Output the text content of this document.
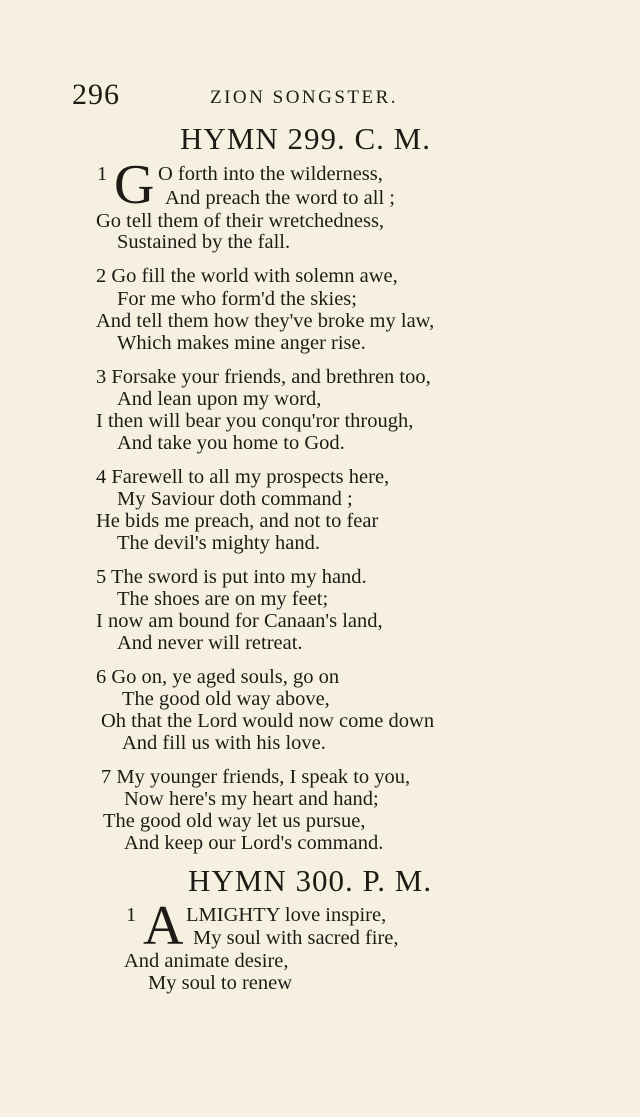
296	ZION SONGSTER.
HYMN 299. C. M.
1 G O forth into the wilderness,
And preach the word to all ;
Go tell them of their wretchedness,
Sustained by the fall.
2 Go fill the world with solemn awe,
For me who form'd the skies;
And tell them how they've broke my law,
Which makes mine anger rise.
3 Forsake your friends, and brethren too,
And lean upon my word,
I then will bear you conqu'ror through,
And take you home to God.
4 Farewell to all my prospects here,
My Saviour doth command ;
He bids me preach, and not to fear
The devil's mighty hand.
5 The sword is put into my hand.
The shoes are on my feet;
I now am bound for Canaan's land,
And never will retreat.
6 Go on, ye aged souls, go on
The good old way above,
Oh that the Lord would now come down
And fill us with his love.
7 My younger friends, I speak to you,
Now here's my heart and hand;
The good old way let us pursue,
And keep our Lord's command.
HYMN 300. P. M.
1 A LMIGHTY love inspire,
My soul with sacred fire,
And animate desire,
My soul to renew
